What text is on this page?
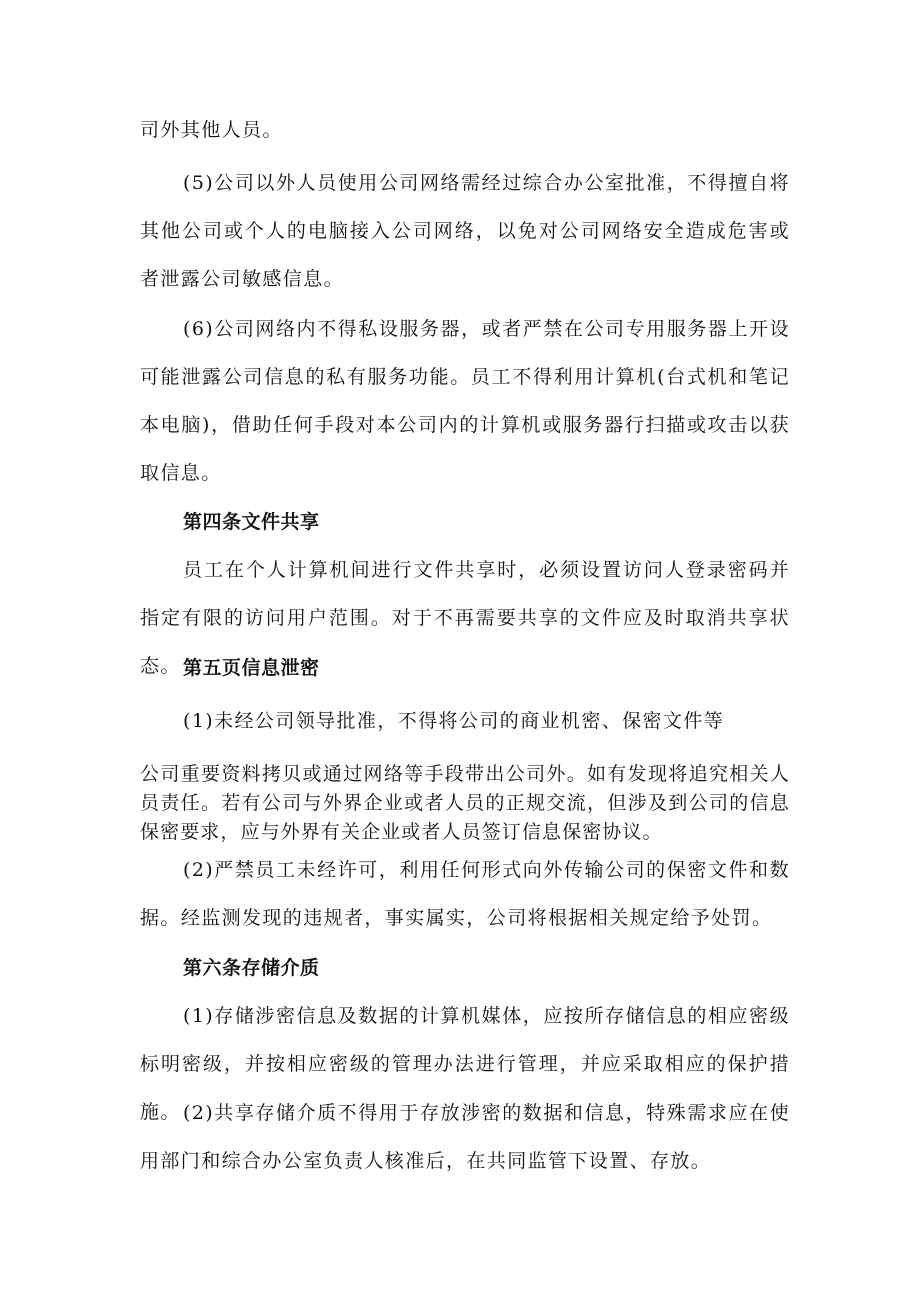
司外其他人员。

(5)公司以外人员使用公司网络需经过综合办公室批准，不得擅自将其他公司或个人的电脑接入公司网络，以免对公司网络安全造成危害或者泄露公司敏感信息。

(6)公司网络内不得私设服务器，或者严禁在公司专用服务器上开设可能泄露公司信息的私有服务功能。员工不得利用计算机(台式机和笔记本电脑)，借助任何手段对本公司内的计算机或服务器行扫描或攻击以获取信息。

第四条文件共享

员工在个人计算机间进行文件共享时，必须设置访问人登录密码并指定有限的访问用户范围。对于不再需要共享的文件应及时取消共享状态。 第五页信息泄密

(1)未经公司领导批准，不得将公司的商业机密、保密文件等

公司重要资料拷贝或通过网络等手段带出公司外。如有发现将追究相关人员责任。若有公司与外界企业或者人员的正规交流，但涉及到公司的信息保密要求，应与外界有关企业或者人员签订信息保密协议。

(2)严禁员工未经许可，利用任何形式向外传输公司的保密文件和数据。经监测发现的违规者，事实属实，公司将根据相关规定给予处罚。

第六条存储介质

(1)存储涉密信息及数据的计算机媒体，应按所存储信息的相应密级标明密级，并按相应密级的管理办法进行管理，并应采取相应的保护措施。 (2)共享存储介质不得用于存放涉密的数据和信息，特殊需求应在使用部门和综合办公室负责人核准后，在共同监管下设置、存放。
